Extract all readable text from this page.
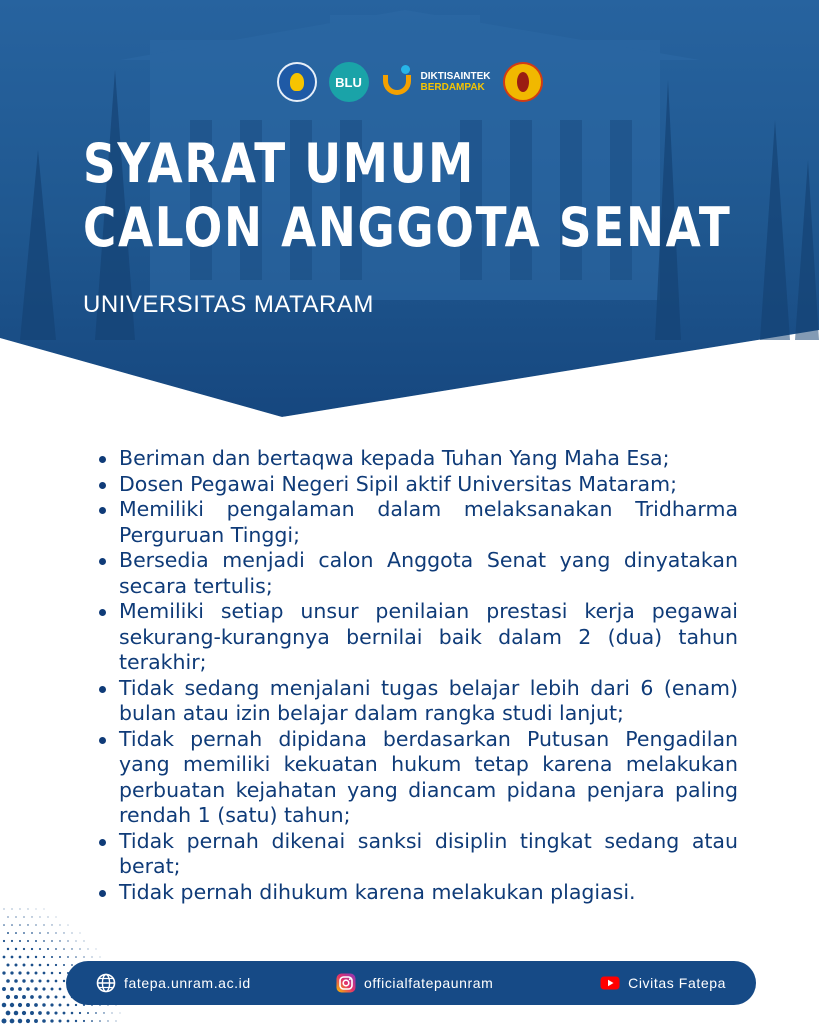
BLU	DIKTISAINTEK
BERDAMPAK
SYARAT UMUM
CALON ANGGOTA SENAT
UNIVERSITAS MATARAM
Beriman dan bertaqwa kepada Tuhan Yang Maha Esa;
Dosen Pegawai Negeri Sipil aktif Universitas Mataram;
Memiliki pengalaman dalam melaksanakan Tridharma Perguruan Tinggi;
Bersedia menjadi calon Anggota Senat yang dinyatakan secara tertulis;
Memiliki setiap unsur penilaian prestasi kerja pegawai sekurang-kurangnya bernilai baik dalam 2 (dua) tahun terakhir;
Tidak sedang menjalani tugas belajar lebih dari 6 (enam) bulan atau izin belajar dalam rangka studi lanjut;
Tidak pernah dipidana berdasarkan Putusan Pengadilan yang memiliki kekuatan hukum tetap karena melakukan perbuatan kejahatan yang diancam pidana penjara paling rendah 1 (satu) tahun;
Tidak pernah dikenai sanksi disiplin tingkat sedang atau berat;
Tidak pernah dihukum karena melakukan plagiasi.
fatepa.unram.ac.id	officialfatepaunram	Civitas Fatepa
